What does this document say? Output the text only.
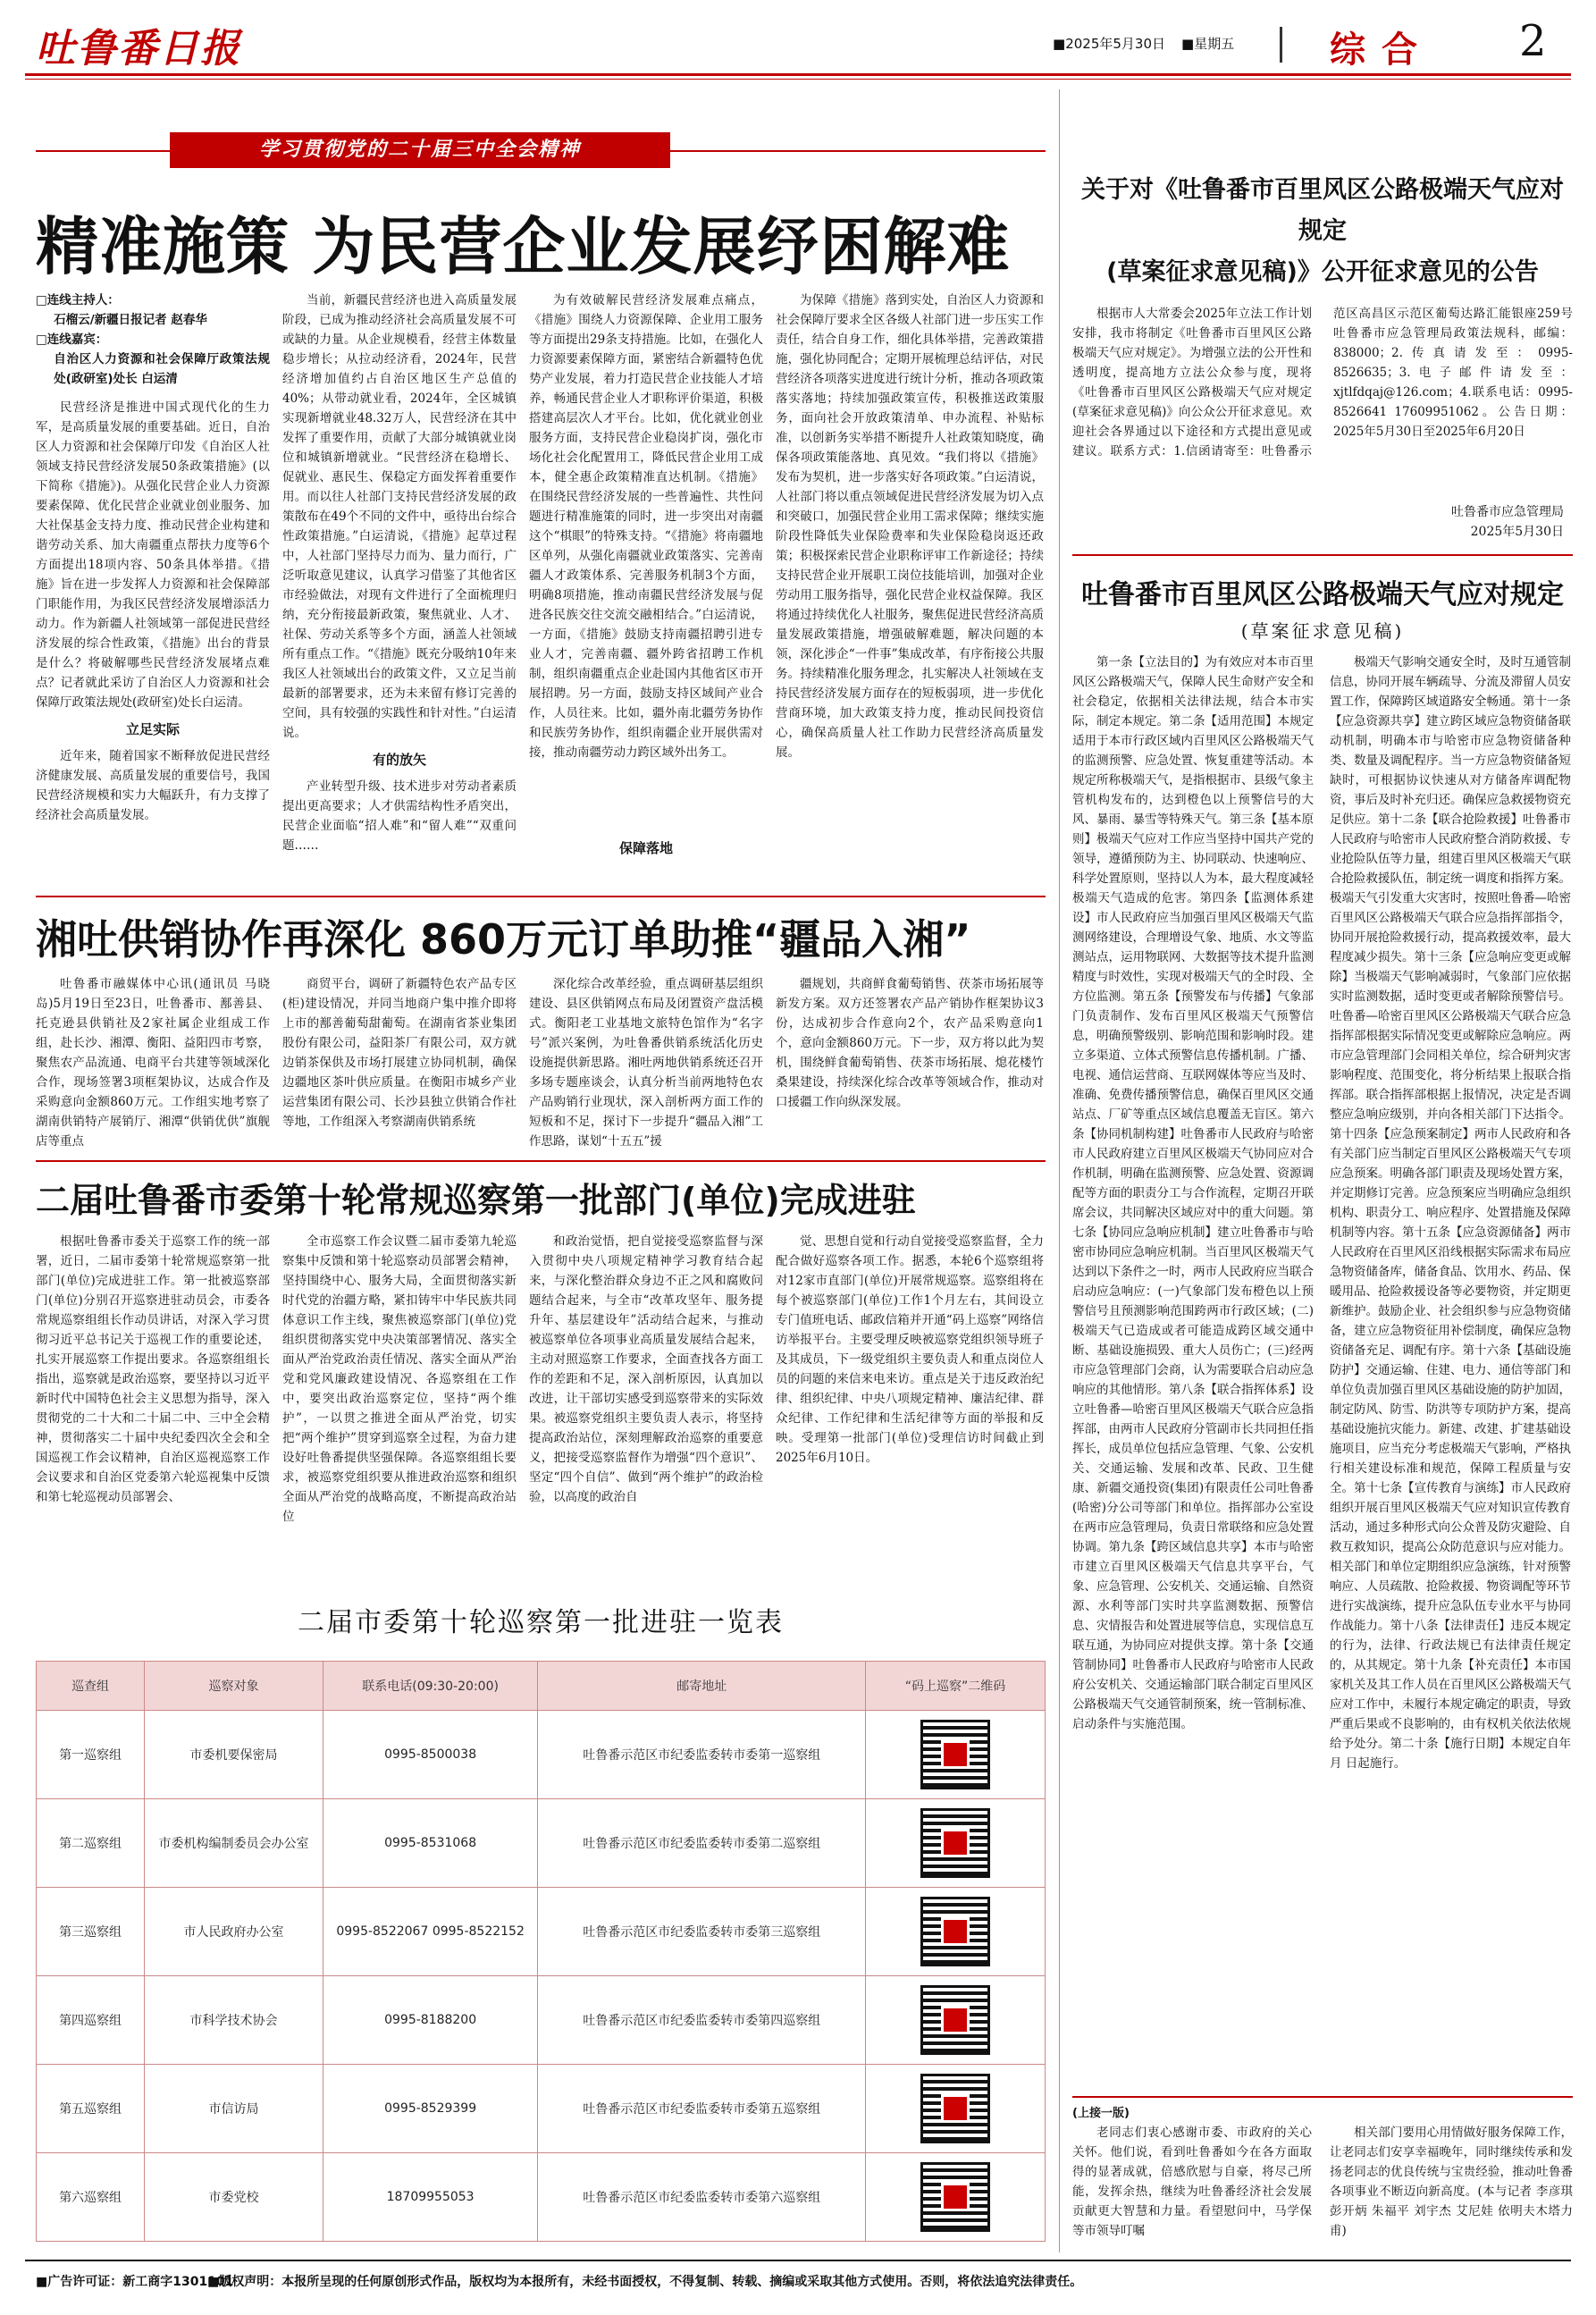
吐鲁番日报	■2025年5月30日 ■星期五	综合 2
学习贯彻党的二十届三中全会精神
精准施策 为民营企业发展纾困解难
□连线主持人：
石榴云/新疆日报记者 赵春华
□连线嘉宾：
自治区人力资源和社会保障厅政策法规处(政研室)处长 白运清

民营经济是推进中国式现代化的生力军，是高质量发展的重要基础。近日，自治区人力资源和社会保障厅印发《自治区人社领域支持民营经济发展50条政策措施》(以下简称《措施》)。从强化民营企业人力资源要素保障、优化民营企业就业创业服务、加大社保基金支持力度、推动民营企业构建和谐劳动关系、加大南疆重点帮扶力度等6个方面提出18项内容、50条具体举措。《措施》旨在进一步发挥人力资源和社会保障部门职能作用，为我区民营经济发展增添活力动力。作为新疆人社领域第一部促进民营经济发展的综合性政策，《措施》出台的背景是什么？将破解哪些民营经济发展堵点难点？记者就此采访了自治区人力资源和社会保障厅政策法规处(政研室)处长白运清。

立足实际

近年来，随着国家不断释放促进民营经济健康发展、高质量发展的重要信号，我国民营经济规模和实力大幅跃升，有力支撑了经济社会高质量发展。

当前，新疆民营经济也进入高质量发展阶段，已成为推动经济社会高质量发展不可或缺的力量。从企业规模看，经营主体数量稳步增长；从拉动经济看，2024年，民营经济增加值约占自治区地区生产总值的40%；从带动就业看，2024年，全区城镇实现新增就业48.32万人，民营经济在其中发挥了重要作用，贡献了大部分城镇就业岗位和城镇新增就业。“民营经济在稳增长、促就业、惠民生、保稳定方面发挥着重要作用。而以往人社部门支持民营经济发展的政策散布在49个不同的文件中，亟待出台综合性政策措施。”白运清说，《措施》起草过程中，人社部门坚持尽力而为、量力而行，广泛听取意见建议，认真学习借鉴了其他省区市经验做法，对现有文件进行了全面梳理归纳，充分衔接最新政策，聚焦就业、人才、社保、劳动关系等多个方面，涵盖人社领域所有重点工作。“《措施》既充分吸纳10年来我区人社领域出台的政策文件，又立足当前最新的部署要求，还为未来留有修订完善的空间，具有较强的实践性和针对性。”白运清说。

有的放矢

产业转型升级、技术进步对劳动者素质提出更高要求；人才供需结构性矛盾突出，民营企业面临“招人难”和“留人难”“双重问题……

为有效破解民营经济发展难点痛点，《措施》围绕人力资源保障、企业用工服务等方面提出29条支持措施。比如，在强化人力资源要素保障方面，紧密结合新疆特色优势产业发展，着力打造民营企业技能人才培养，畅通民营企业人才职称评价渠道，积极搭建高层次人才平台。比如，优化就业创业服务方面，支持民营企业稳岗扩岗，强化市场化社会化配置用工，降低民营企业用工成本，健全惠企政策精准直达机制。《措施》在围绕民营经济发展的一些普遍性、共性问题进行精准施策的同时，进一步突出对南疆这个“棋眼”的特殊支持。“《措施》将南疆地区单列，从强化南疆就业政策落实、完善南疆人才政策体系、完善服务机制3个方面，明确8项措施，推动南疆民营经济发展与促进各民族交往交流交融相结合。”白运清说，一方面，《措施》鼓励支持南疆招聘引进专业人才，完善南疆、疆外跨省招聘工作机制，组织南疆重点企业赴国内其他省区市开展招聘。另一方面，鼓励支持区域间产业合作，人员往来。比如，疆外南北疆劳务协作和民族劳务协作，组织南疆企业开展供需对接，推动南疆劳动力跨区域外出务工。

为保障《措施》落到实处，自治区人力资源和社会保障厅要求全区各级人社部门进一步压实工作责任，结合自身工作，细化具体举措，完善政策措施，强化协同配合；定期开展梳理总结评估，对民营经济各项落实进度进行统计分析，推动各项政策落实落地；持续加强政策宣传，积极推送政策服务，面向社会开放政策清单、申办流程、补贴标准，以创新务实举措不断提升人社政策知晓度，确保各项政策能落地、真见效。“我们将以《措施》发布为契机，进一步落实好各项政策。”白运清说，人社部门将以重点领域促进民营经济发展为切入点和突破口，加强民营企业用工需求保障；继续实施阶段性降低失业保险费率和失业保险稳岗返还政策；积极探索民营企业职称评审工作新途径；持续支持民营企业开展职工岗位技能培训，加强对企业劳动用工服务指导，强化民营企业权益保障。我区将通过持续优化人社服务，聚焦促进民营经济高质量发展政策措施，增强破解难题，解决问题的本领，深化涉企“一件事”集成改革，有序衔接公共服务。持续精准化服务理念，扎实解决人社领域在支持民营经济发展方面存在的短板弱项，进一步优化营商环境，加大政策支持力度，推动民间投资信心，确保高质量人社工作助力民营经济高质量发展。

保障落地
湘吐供销协作再深化 860万元订单助推“疆品入湘”

吐鲁番市融媒体中心讯(通讯员 马晓岛)5月19日至23日，吐鲁番市、鄯善县、托克逊县供销社及2家社属企业组成工作组，赴长沙、湘潭、衡阳、益阳四市考察，聚焦农产品流通、电商平台共建等领域深化合作，现场签署3项框架协议，达成合作及采购意向金额860万元。工作组实地考察了湖南供销特产展销厅、湘潭“供销优供”旗舰店等重点

商贸平台，调研了新疆特色农产品专区(柜)建设情况，并同当地商户集中推介即将上市的鄯善葡萄甜葡萄。在湖南省茶业集团股份有限公司，益阳茶厂有限公司，双方就边销茶保供及市场打展建立协同机制，确保边疆地区茶叶供应质量。在衡阳市城乡产业运营集团有限公司、长沙县独立供销合作社等地，工作组深入考察湖南供销系统

深化综合改革经验，重点调研基层组织建设、县区供销网点布局及闭置资产盘活模式。衡阳老工业基地文旅特色馆作为“名字号”派兴案例，为吐鲁番供销系统活化历史设施提供新思路。湘吐两地供销系统还召开多场专题座谈会，认真分析当前两地特色农产品购销行业现状，深入剖析两方面工作的短板和不足，探讨下一步提升“疆品入湘”工作思路，谋划“十五五”援

疆规划，共商鲜食葡萄销售、茯茶市场拓展等新发方案。双方还签署农产品产销协作框架协议3份，达成初步合作意向2个，农产品采购意向1个，意向金额860万元。下一步，双方将以此为契机，围绕鲜食葡萄销售、茯茶市场拓展、熄花楼竹桑果建设，持续深化综合改革等领域合作，推动对口援疆工作向纵深发展。

二届吐鲁番市委第十轮常规巡察第一批部门(单位)完成进驻

根据吐鲁番市委关于巡察工作的统一部署，近日，二届市委第十轮常规巡察第一批部门(单位)完成进驻工作。第一批被巡察部门(单位)分别召开巡察进驻动员会，市委各常规巡察组组长作动员讲话，对深入学习贯彻习近平总书记关于巡视工作的重要论述，扎实开展巡察工作提出要求。各巡察组组长指出，巡察就是政治巡察，要坚持以习近平新时代中国特色社会主义思想为指导，深入贯彻党的二十大和二十届二中、三中全会精神，贯彻落实二十届中央纪委四次全会和全国巡视工作会议精神，自治区巡视巡察工作会议要求和自治区党委第六轮巡视集中反馈和第七轮巡视动员部署会、

全市巡察工作会议暨二届市委第九轮巡察集中反馈和第十轮巡察动员部署会精神，坚持围绕中心、服务大局，全面贯彻落实新时代党的治疆方略，紧扣铸牢中华民族共同体意识工作主线，聚焦被巡察部门(单位)党组织贯彻落实党中央决策部署情况、落实全面从严治党政治责任情况、落实全面从严治党和党风廉政建设情况、各巡察组在工作中，要突出政治巡察定位，坚持“两个维护”，一以贯之推进全面从严治党，切实把“两个维护”贯穿到巡察全过程，为奋力建设好吐鲁番提供坚强保障。各巡察组组长要求，被巡察党组织要从推进政治巡察和组织全面从严治党的战略高度，不断提高政治站位

和政治觉悟，把自觉接受巡察监督与深入贯彻中央八项规定精神学习教育结合起来，与深化整治群众身边不正之风和腐败问题结合起来，与全市“改革攻坚年、服务提升年、基层建设年”活动结合起来，与推动被巡察单位各项事业高质量发展结合起来，主动对照巡察工作要求，全面查找各方面工作的差距和不足，深入剖析原因，认真加以改进，让干部切实感受到巡察带来的实际效果。被巡察党组织主要负责人表示，将坚持提高政治站位，深刻理解政治巡察的重要意义，把接受巡察监督作为增强“四个意识”、坚定“四个自信”、做到“两个维护”的政治检验，以高度的政治自

觉、思想自觉和行动自觉接受巡察监督，全力配合做好巡察各项工作。据悉，本轮6个巡察组将对12家市直部门(单位)开展常规巡察。巡察组将在每个被巡察部门(单位)工作1个月左右，其间设立专门值班电话、邮政信箱并开通“码上巡察”网络信访举报平台。主要受理反映被巡察党组织领导班子及其成员，下一级党组织主要负责人和重点岗位人员的问题的来信来电来访。重点是关于违反政治纪律、组织纪律、中央八项规定精神、廉洁纪律、群众纪律、工作纪律和生活纪律等方面的举报和反映。受理第一批部门(单位)受理信访时间截止到2025年6月10日。

二届市委第十轮巡察第一批进驻一览表
巡查组	巡察对象	联系电话(09:30-20:00)	邮寄地址	“码上巡察”二维码
第一巡察组	市委机要保密局	0995-8500038	吐鲁番示范区市纪委监委转市委第一巡察组	

第二巡察组	市委机构编制委员会办公室	0995-8531068	吐鲁番示范区市纪委监委转市委第二巡察组	

第三巡察组	市人民政府办公室	0995-8522067 0995-8522152	吐鲁番示范区市纪委监委转市委第三巡察组	

第四巡察组	市科学技术协会	0995-8188200	吐鲁番示范区市纪委监委转市委第四巡察组	

第五巡察组	市信访局	0995-8529399	吐鲁番示范区市纪委监委转市委第五巡察组	

第六巡察组	市委党校	18709955053	吐鲁番示范区市纪委监委转市委第六巡察组	
关于对《吐鲁番市百里风区公路极端天气应对规定
(草案征求意见稿)》公开征求意见的公告

根据市人大常委会2025年立法工作计划安排，我市将制定《吐鲁番市百里风区公路极端天气应对规定》。为增强立法的公开性和透明度，提高地方立法公众参与度，现将《吐鲁番市百里风区公路极端天气应对规定(草案征求意见稿)》向公众公开征求意见。欢迎社会各界通过以下途径和方式提出意见或建议。联系方式：1.信函请寄至：吐鲁番示范区高昌区示范区葡萄达路汇能银座259号吐鲁番市应急管理局政策法规科，邮编：838000；2.传真请发至：0995-8526635；3.电子邮件请发至：xjtlfdqaj@126.com；4.联系电话：0995-8526641 17609951062。公告日期：2025年5月30日至2025年6月20日

吐鲁番市应急管理局
2025年5月30日
吐鲁番市百里风区公路极端天气应对规定
(草案征求意见稿)

第一条【立法目的】为有效应对本市百里风区公路极端天气，保障人民生命财产安全和社会稳定，依据相关法律法规，结合本市实际，制定本规定。第二条【适用范围】本规定适用于本市行政区域内百里风区公路极端天气的监测预警、应急处置、恢复重建等活动。本规定所称极端天气，是指根据市、县级气象主管机构发布的，达到橙色以上预警信号的大风、暴雨、暴雪等特殊天气。第三条【基本原则】极端天气应对工作应当坚持中国共产党的领导，遵循预防为主、协同联动、快速响应、科学处置原则，坚持以人为本，最大程度减轻极端天气造成的危害。第四条【监测体系建设】市人民政府应当加强百里风区极端天气监测网络建设，合理增设气象、地质、水文等监测站点，运用物联网、大数据等技术提升监测精度与时效性，实现对极端天气的全时段、全方位监测。第五条【预警发布与传播】气象部门负责制作、发布百里风区极端天气预警信息，明确预警级别、影响范围和影响时段。建立多渠道、立体式预警信息传播机制。广播、电视、通信运营商、互联网媒体等应当及时、准确、免费传播预警信息，确保百里风区交通站点、厂矿等重点区域信息覆盖无盲区。第六条【协同机制构建】吐鲁番市人民政府与哈密市人民政府建立百里风区极端天气协同应对合作机制，明确在监测预警、应急处置、资源调配等方面的职责分工与合作流程，定期召开联席会议，共同解决区域应对中的重大问题。第七条【协同应急响应机制】建立吐鲁番市与哈密市协同应急响应机制。当百里风区极端天气达到以下条件之一时，两市人民政府应当联合启动应急响应：(一)气象部门发布橙色以上预警信号且预测影响范围跨两市行政区域；(二)极端天气已造成或者可能造成跨区域交通中断、基础设施损毁、重大人员伤亡；(三)经两市应急管理部门会商，认为需要联合启动应急响应的其他情形。第八条【联合指挥体系】设立吐鲁番—哈密百里风区极端天气联合应急指挥部，由两市人民政府分管副市长共同担任指挥长，成员单位包括应急管理、气象、公安机关、交通运输、发展和改革、民政、卫生健康、新疆交通投资(集团)有限责任公司吐鲁番(哈密)分公司等部门和单位。指挥部办公室设在两市应急管理局，负责日常联络和应急处置协调。第九条【跨区域信息共享】本市与哈密市建立百里风区极端天气信息共享平台，气象、应急管理、公安机关、交通运输、自然资源、水利等部门实时共享监测数据、预警信息、灾情报告和处置进展等信息，实现信息互联互通，为协同应对提供支撑。第十条【交通管制协同】吐鲁番市人民政府与哈密市人民政府公安机关、交通运输部门联合制定百里风区公路极端天气交通管制预案，统一管制标准、启动条件与实施范围。

极端天气影响交通安全时，及时互通管制信息，协同开展车辆疏导、分流及滞留人员安置工作，保障跨区域道路安全畅通。第十一条【应急资源共享】建立跨区域应急物资储备联动机制，明确本市与哈密市应急物资储备种类、数量及调配程序。当一方应急物资储备短缺时，可根据协议快速从对方储备库调配物资，事后及时补充归还。确保应急救援物资充足供应。第十二条【联合抢险救援】吐鲁番市人民政府与哈密市人民政府整合消防救援、专业抢险队伍等力量，组建百里风区极端天气联合抢险救援队伍，制定统一调度和指挥方案。极端天气引发重大灾害时，按照吐鲁番—哈密百里风区公路极端天气联合应急指挥部指令，协同开展抢险救援行动，提高救援效率，最大程度减少损失。第十三条【应急响应变更或解除】当极端天气影响减弱时，气象部门应依据实时监测数据，适时变更或者解除预警信号。吐鲁番—哈密百里风区公路极端天气联合应急指挥部根据实际情况变更或解除应急响应。两市应急管理部门会同相关单位，综合研判灾害影响程度、范围变化，将分析结果上报联合指挥部。联合指挥部根据上报情况，决定是否调整应急响应级别，并向各相关部门下达指令。第十四条【应急预案制定】两市人民政府和各有关部门应当制定百里风区公路极端天气专项应急预案。明确各部门职责及现场处置方案，并定期修订完善。应急预案应当明确应急组织机构、职责分工、响应程序、处置措施及保障机制等内容。第十五条【应急资源储备】两市人民政府在百里风区沿线根据实际需求布局应急物资储备库，储备食品、饮用水、药品、保暖用品、抢险救援设备等必要物资，并定期更新维护。鼓励企业、社会组织参与应急物资储备，建立应急物资征用补偿制度，确保应急物资储备充足、调配有序。第十六条【基础设施防护】交通运输、住建、电力、通信等部门和单位负责加强百里风区基础设施的防护加固，制定防风、防雪、防洪等专项防护方案，提高基础设施抗灾能力。新建、改建、扩建基础设施项目，应当充分考虑极端天气影响，严格执行相关建设标准和规范，保障工程质量与安全。第十七条【宣传教育与演练】市人民政府组织开展百里风区极端天气应对知识宣传教育活动，通过多种形式向公众普及防灾避险、自救互救知识，提高公众防范意识与应对能力。相关部门和单位定期组织应急演练，针对预警响应、人员疏散、抢险救援、物资调配等环节进行实战演练，提升应急队伍专业水平与协同作战能力。第十八条【法律责任】违反本规定的行为，法律、行政法规已有法律责任规定的，从其规定。第十九条【补充责任】本市国家机关及其工作人员在百里风区公路极端天气应对工作中，未履行本规定确定的职责，导致严重后果或不良影响的，由有权机关依法依规给予处分。第二十条【施行日期】本规定自年 月 日起施行。

(上接一版)

老同志们衷心感谢市委、市政府的关心关怀。他们说，看到吐鲁番如今在各方面取得的显著成就，倍感欣慰与自豪，将尽己所能，发挥余热，继续为吐鲁番经济社会发展贡献更大智慧和力量。看望慰问中，马学保等市领导叮嘱

相关部门要用心用情做好服务保障工作，让老同志们安享幸福晚年，同时继续传承和发扬老同志的优良传统与宝贵经验，推动吐鲁番各项事业不断迈向新高度。(本与记者 李彦琪 彭开炳 朱福平 刘宇杰 艾尼娃 依明夫木塔力甫)

■广告许可证：新工商字1301101
■版权声明：本报所呈现的任何原创形式作品，版权均为本报所有，未经书面授权，不得复制、转载、摘编或采取其他方式使用。否则，将依法追究法律责任。
